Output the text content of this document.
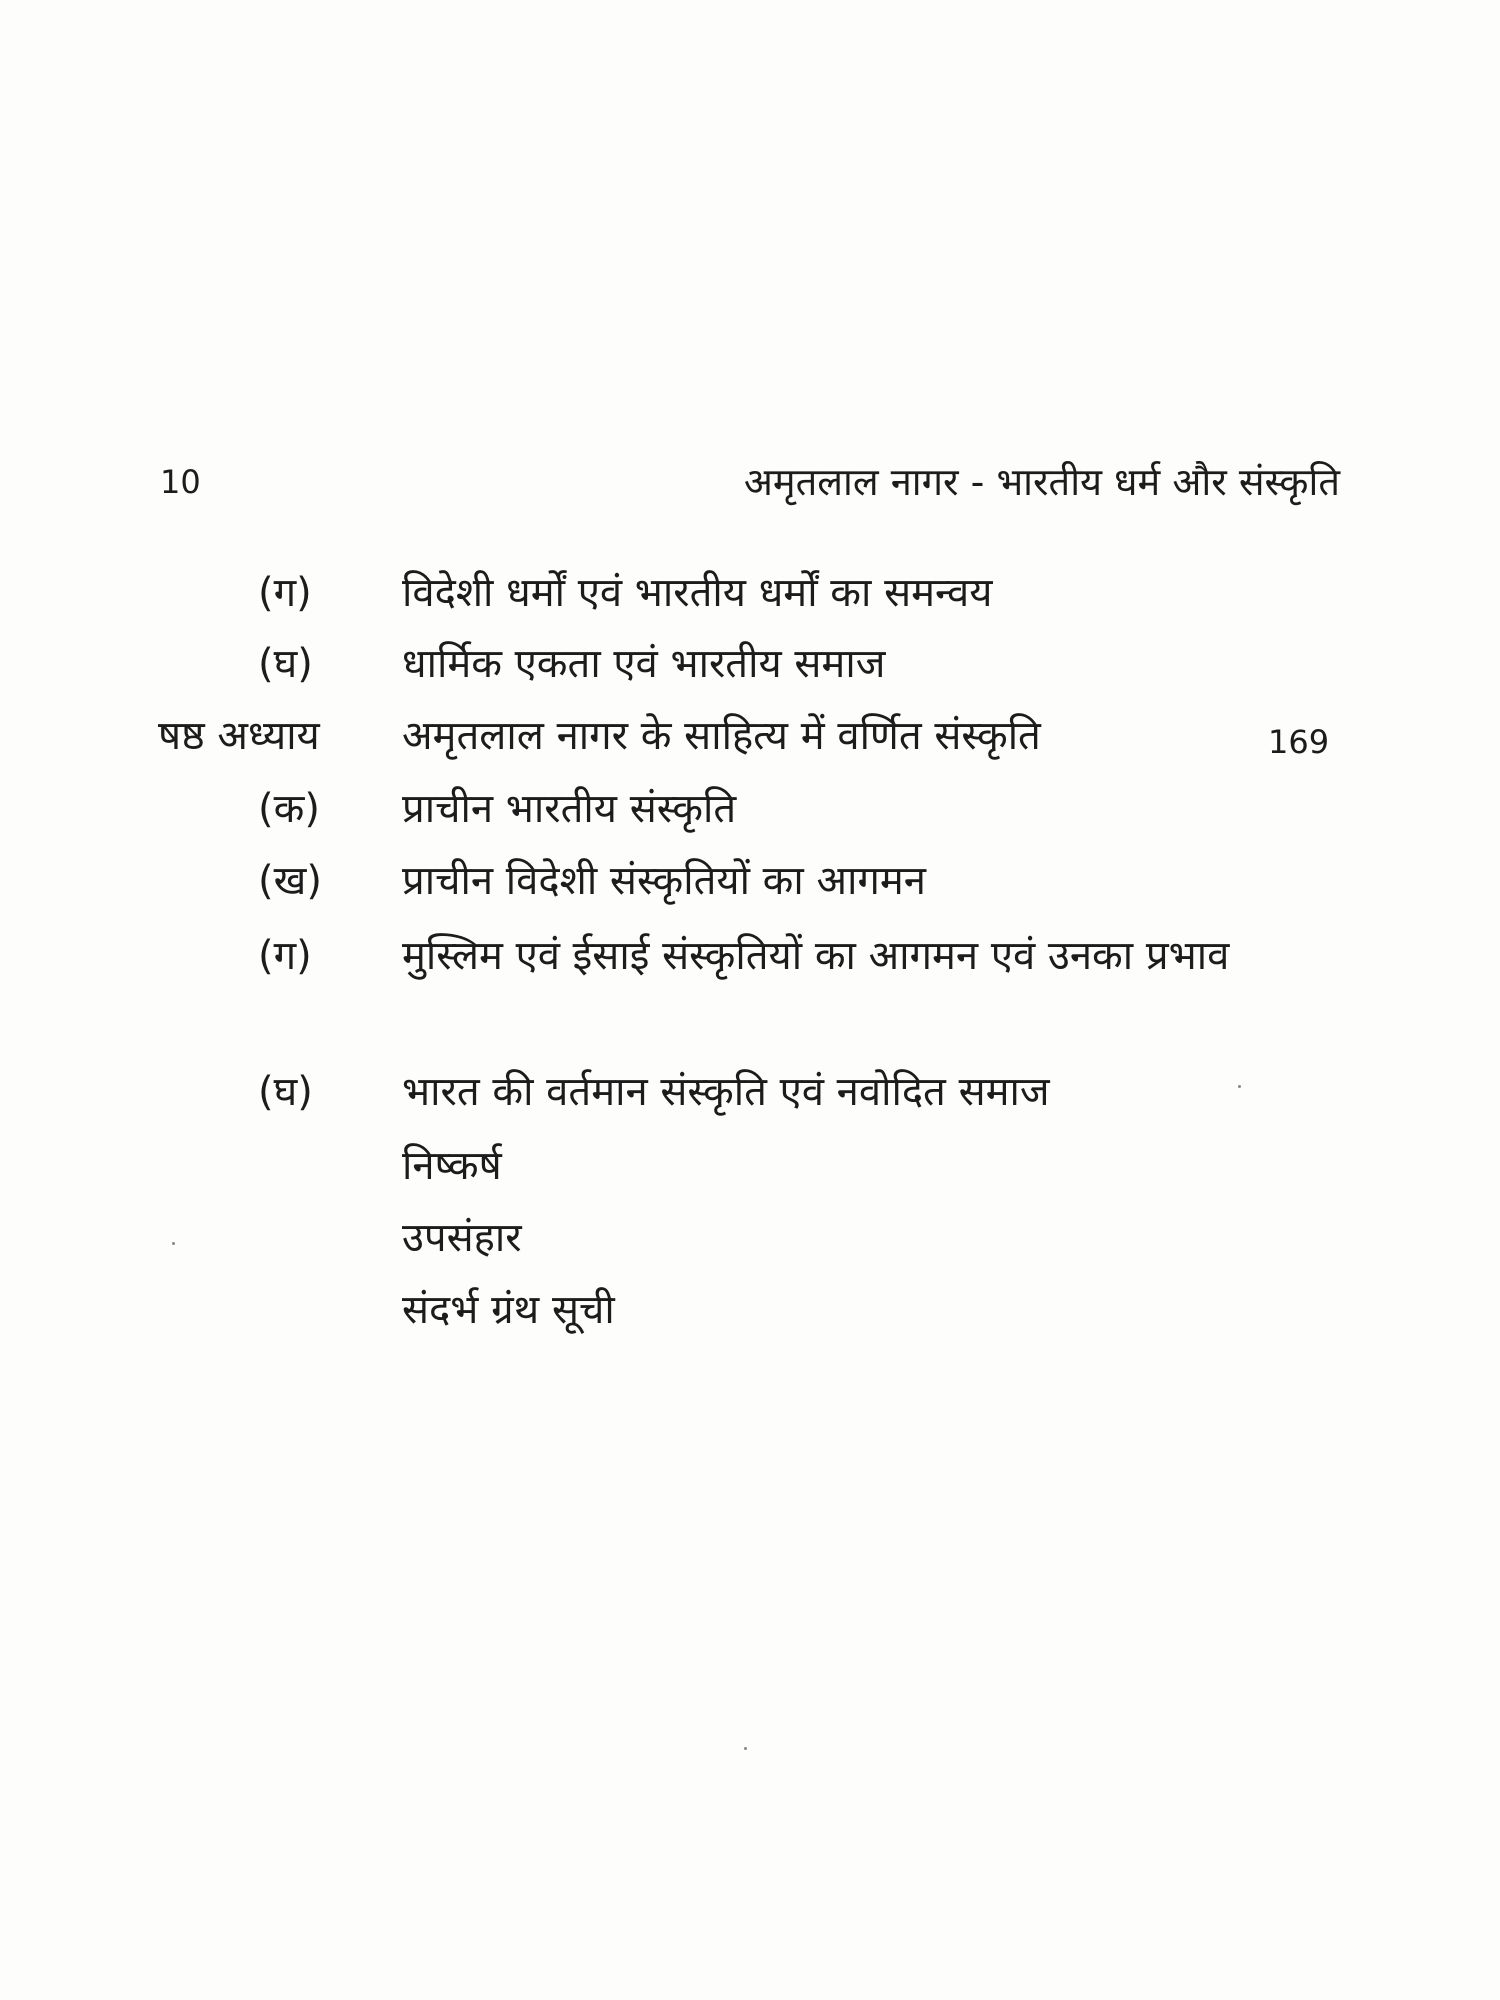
10	अमृतलाल नागर - भारतीय धर्म और संस्कृति
(ग) विदेशी धर्मों एवं भारतीय धर्मों का समन्वय
(घ) धार्मिक एकता एवं भारतीय समाज
षष्ठ अध्याय अमृतलाल नागर के साहित्य में वर्णित संस्कृति	169
(क) प्राचीन भारतीय संस्कृति
(ख) प्राचीन विदेशी संस्कृतियों का आगमन
(ग) मुस्लिम एवं ईसाई संस्कृतियों का आगमन एवं उनका प्रभाव
(घ) भारत की वर्तमान संस्कृति एवं नवोदित समाज
निष्कर्ष
उपसंहार
संदर्भ ग्रंथ सूची
